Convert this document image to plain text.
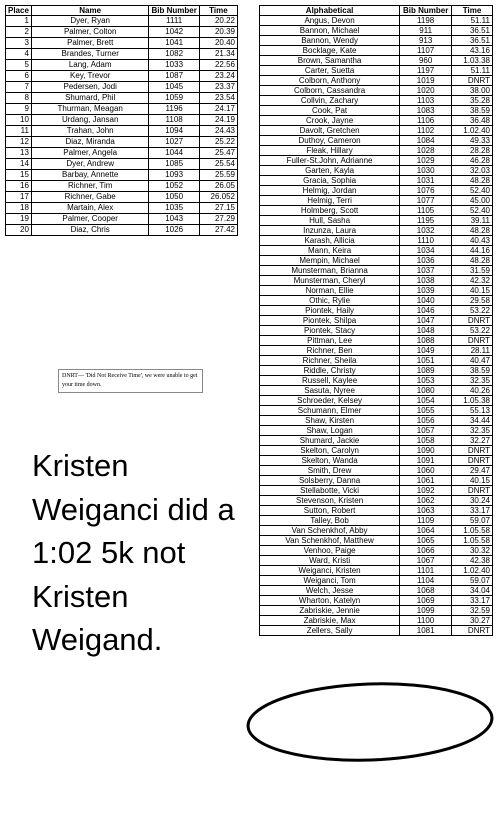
Place	Name	Bib Number	Time
1	Dyer, Ryan	1111	20.22
2	Palmer, Colton	1042	20.39
3	Palmer, Brett	1041	20.40
4	Brandes, Turner	1082	21.34
5	Lang, Adam	1033	22.56
6	Key, Trevor	1087	23.24
7	Pedersen, Jodi	1045	23.37
8	Shumard, Phil	1059	23.54
9	Thurman, Meagan	1196	24.17
10	Urdang, Jansan	1108	24.19
11	Trahan, John	1094	24.43
12	Diaz, Miranda	1027	25.22
13	Palmer, Angela	1044	25.47
14	Dyer, Andrew	1085	25.54
15	Barbay, Annette	1093	25.59
16	Richner, Tim	1052	26.05
17	Richner, Gabe	1050	26.052
18	Martain, Alex	1035	27.15
19	Palmer, Cooper	1043	27.29
20	Diaz, Chris	1026	27.42
Alphabetical	Bib Number	Time
Angus, Devon	1198	51.11
Bannon, Michael	911	36.51
Bannon, Wendy	913	36.51
Bocklage, Kate	1107	43.16
Brown, Samantha	960	1.03.38
Carter, Suetta	1197	51.11
Colborn, Anthony	1019	DNRT
Colborn, Cassandra	1020	38.00
Collvin, Zachary	1103	35.28
Cook, Pat	1083	38.59
Crook, Jayne	1106	36.48
Davolt, Gretchen	1102	1.02.40
Duthoy, Cameron	1084	49.33
Fleak, Hillary	1028	28.28
Fuller-St.John, Adrianne	1029	46.28
Garten, Kayla	1030	32.03
Gracia, Sophia	1031	48.28
Helmig, Jordan	1076	52.40
Helmig, Terri	1077	45.00
Holmberg, Scott	1105	52.40
Hull, Sasha	1195	39.11
Inzunza, Laura	1032	48.28
Karash, Allicia	1110	40.43
Mann, Keira	1034	44.16
Mempin, Michael	1036	48.28
Munsterman, Brianna	1037	31.59
Munsterman, Cheryl	1038	42.32
Norman, Ellie	1039	40.15
Othic, Rylie	1040	29.58
Piontek, Haily	1046	53.22
Piontek, Shilpa	1047	DNRT
Piontek, Stacy	1048	53.22
Pittman, Lee	1088	DNRT
Richner, Ben	1049	28.11
Richner, Sheila	1051	40.47
Riddle, Christy	1089	38.59
Russell, Kaylee	1053	32.35
Sasuta, Nyree	1080	40.26
Schroeder, Kelsey	1054	1.05.38
Schumann, Elmer	1055	55.13
Shaw, Kirsten	1056	34.44
Shaw, Logan	1057	32.35
Shumard, Jackie	1058	32.27
Skelton, Carolyn	1090	DNRT
Skelton, Wanda	1091	DNRT
Smith, Drew	1060	29.47
Solsberry, Danna	1061	40.15
Stellabotte, Vicki	1092	DNRT
Stevenson, Kristen	1062	30.24
Sutton, Robert	1063	33.17
Talley, Bob	1109	59.07
Van Schenkhof, Abby	1064	1.05.58
Van Schenkhof, Matthew	1065	1.05.58
Venhoo, Paige	1066	30.32
Ward, Kristi	1067	42.38
Weiganci, Kristen	1101	1.02.40
Weiganci, Tom	1104	59.07
Welch, Jesse	1068	34.04
Wharton, Katelyn	1069	33.17
Zabriskie, Jennie	1099	32.59
Zabriskie, Max	1100	30.27
Zellers, Sally	1081	DNRT
DNRT— 'Did Not Receive Time', we were unable to get your time down.
Kristen Weiganci did a 1:02 5k not Kristen Weigand.
